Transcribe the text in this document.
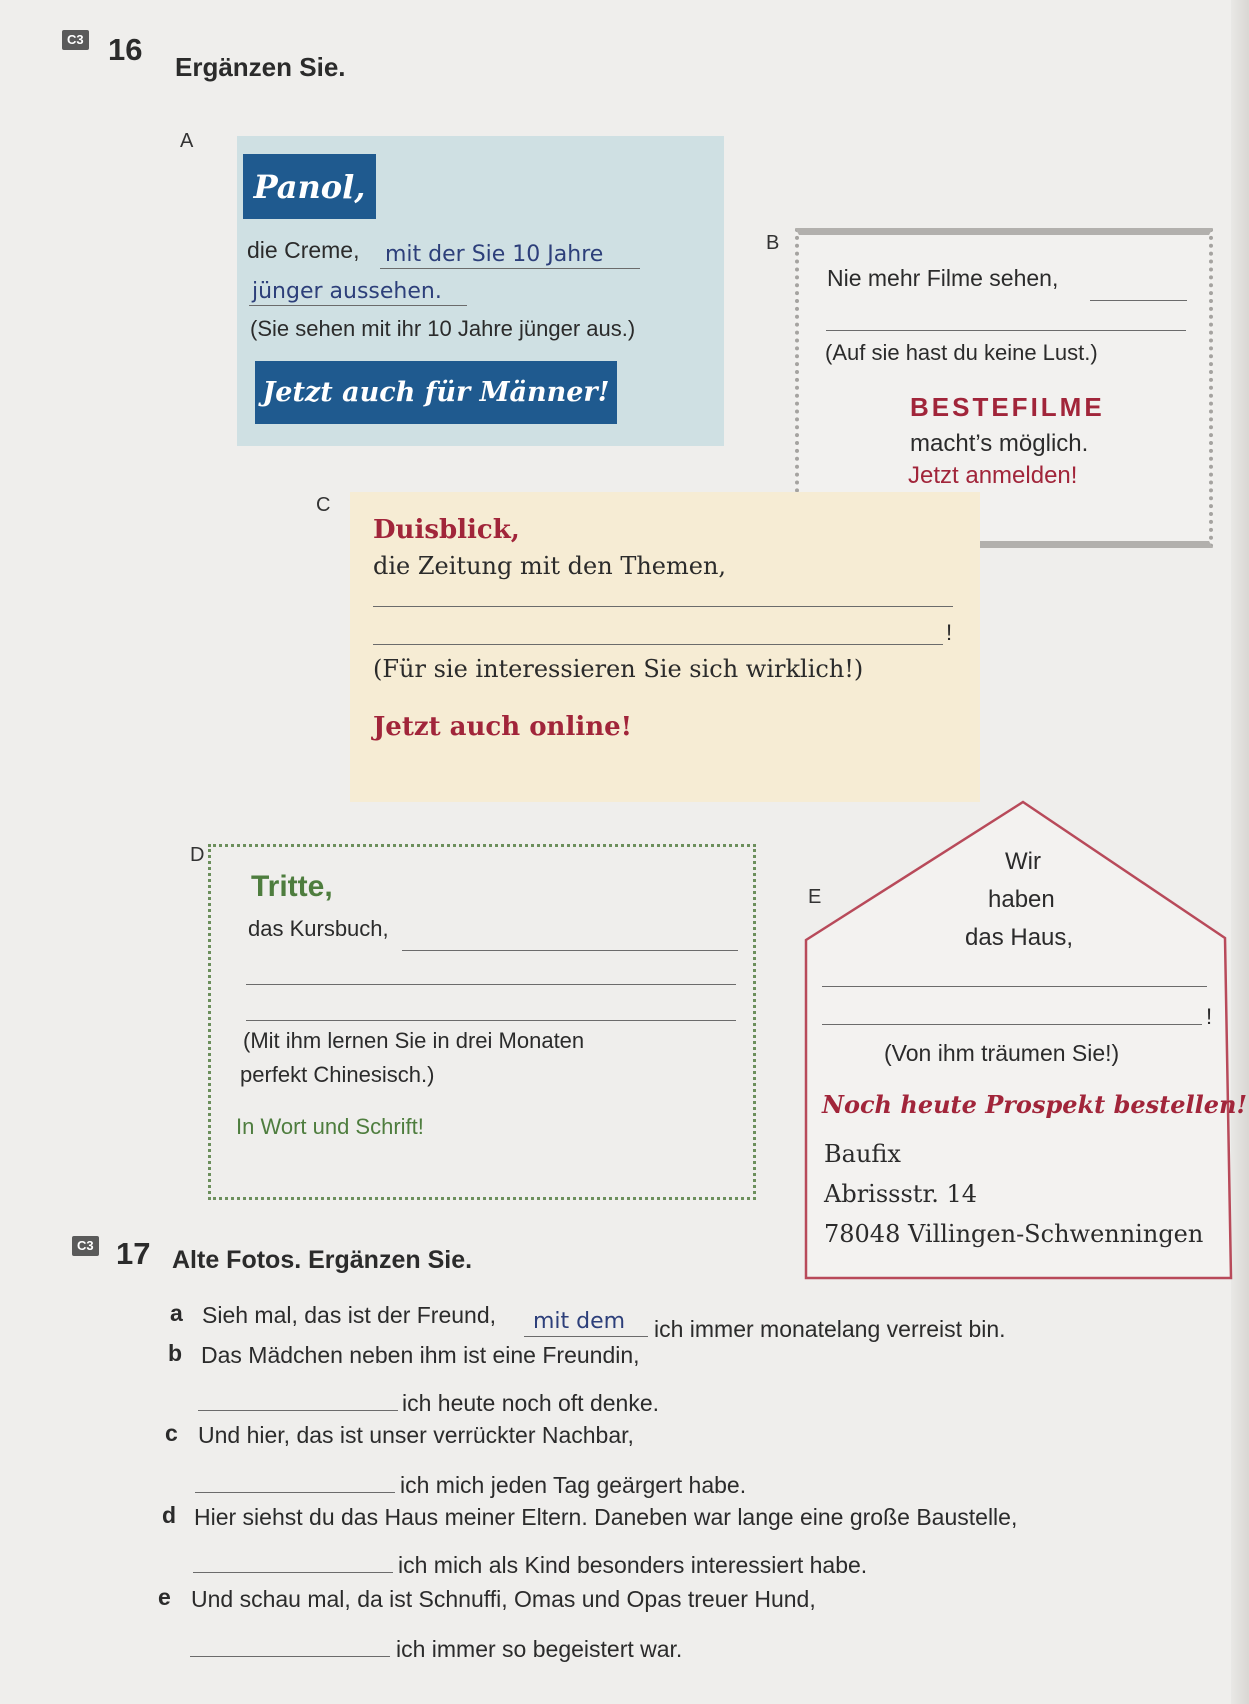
C3 16 Ergänzen Sie.
A
Panol,
die Creme, mit der Sie 10 Jahre
jünger aussehen.
(Sie sehen mit ihr 10 Jahre jünger aus.)
Jetzt auch für Männer!
B
Nie mehr Filme sehen,
(Auf sie hast du keine Lust.)
BESTEFILME
macht’s möglich.
Jetzt anmelden!
C
Duisblick,
die Zeitung mit den Themen,
!
(Für sie interessieren Sie sich wirklich!)
Jetzt auch online!
D
Tritte,
das Kursbuch,
(Mit ihm lernen Sie in drei Monaten
perfekt Chinesisch.)
In Wort und Schrift!
E
Wir
haben
das Haus,
!
(Von ihm träumen Sie!)
Noch heute Prospekt bestellen!
Baufix
Abrissstr. 14
78048 Villingen-Schwenningen
C3 17 Alte Fotos. Ergänzen Sie.
a Sieh mal, das ist der Freund, mit dem ich immer monatelang verreist bin.
b Das Mädchen neben ihm ist eine Freundin,
ich heute noch oft denke.
c Und hier, das ist unser verrückter Nachbar,
ich mich jeden Tag geärgert habe.
d Hier siehst du das Haus meiner Eltern. Daneben war lange eine große Baustelle,
ich mich als Kind besonders interessiert habe.
e Und schau mal, da ist Schnuffi, Omas und Opas treuer Hund,
ich immer so begeistert war.
